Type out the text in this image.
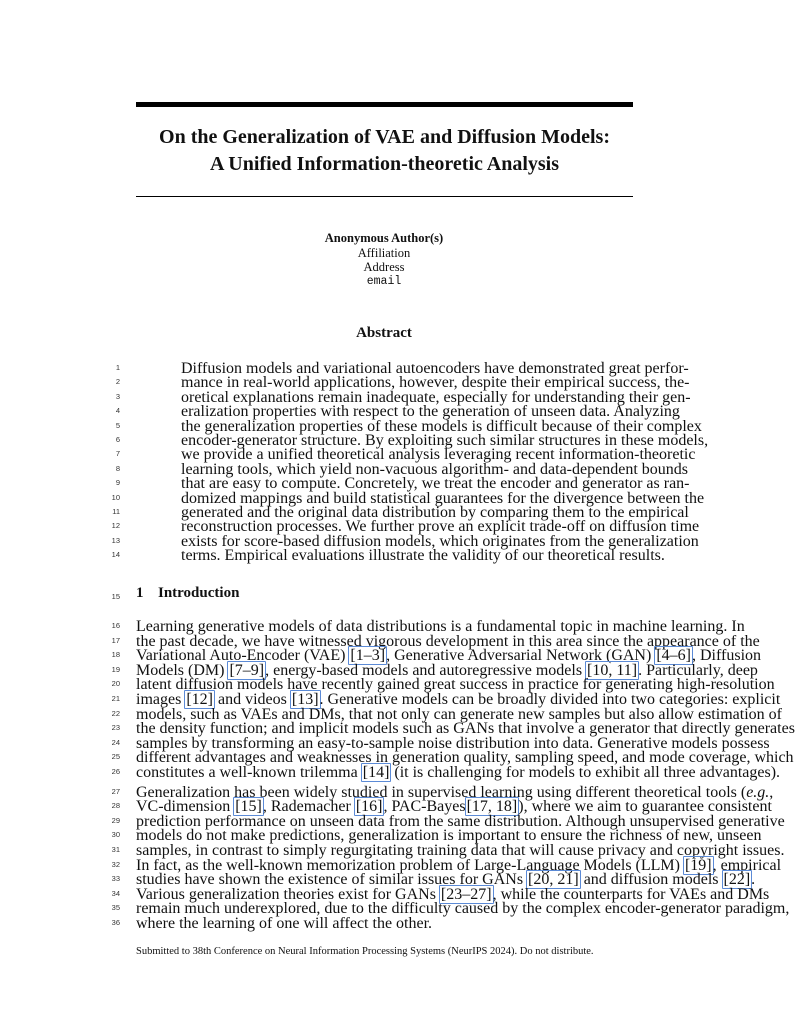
On the Generalization of VAE and Diffusion Models:
A Unified Information-theoretic Analysis
Anonymous Author(s)
Affiliation
Address
email
Abstract
15 1 Introduction
Submitted to 38th Conference on Neural Information Processing Systems (NeurIPS 2024). Do not distribute.
1	Diffusion models and variational autoencoders have demonstrated great perfor-
2	mance in real-world applications, however, despite their empirical success, the-
3	oretical explanations remain inadequate, especially for understanding their gen-
4	eralization properties with respect to the generation of unseen data. Analyzing
5	the generalization properties of these models is difficult because of their complex
6	encoder-generator structure. By exploiting such similar structures in these models,
7	we provide a unified theoretical analysis leveraging recent information-theoretic
8	learning tools, which yield non-vacuous algorithm- and data-dependent bounds
9	that are easy to compute. Concretely, we treat the encoder and generator as ran-
10	domized mappings and build statistical guarantees for the divergence between the
11	generated and the original data distribution by comparing them to the empirical
12	reconstruction processes. We further prove an explicit trade-off on diffusion time
13	exists for score-based diffusion models, which originates from the generalization
14	terms. Empirical evaluations illustrate the validity of our theoretical results.
16 Learning generative models of data distributions is a fundamental topic in machine learning. In
17 the past decade, we have witnessed vigorous development in this area since the appearance of the
18 Variational Auto-Encoder (VAE) [1–3], Generative Adversarial Network (GAN) [4–6], Diffusion
19 Models (DM) [7–9], energy-based models and autoregressive models [10, 11]. Particularly, deep
20 latent diffusion models have recently gained great success in practice for generating high-resolution
21 images [12] and videos [13]. Generative models can be broadly divided into two categories: explicit
22 models, such as VAEs and DMs, that not only can generate new samples but also allow estimation of
23 the density function; and implicit models such as GANs that involve a generator that directly generates
24 samples by transforming an easy-to-sample noise distribution into data. Generative models possess
25 different advantages and weaknesses in generation quality, sampling speed, and mode coverage, which
26 constitutes a well-known trilemma [14] (it is challenging for models to exhibit all three advantages).
27 Generalization has been widely studied in supervised learning using different theoretical tools (e.g.,
28 VC-dimension [15], Rademacher [16], PAC-Bayes[17, 18]), where we aim to guarantee consistent
29 prediction performance on unseen data from the same distribution. Although unsupervised generative
30 models do not make predictions, generalization is important to ensure the richness of new, unseen
31 samples, in contrast to simply regurgitating training data that will cause privacy and copyright issues.
32 In fact, as the well-known memorization problem of Large-Language Models (LLM) [19], empirical
33 studies have shown the existence of similar issues for GANs [20, 21] and diffusion models [22].
34 Various generalization theories exist for GANs [23–27], while the counterparts for VAEs and DMs
35 remain much underexplored, due to the difficulty caused by the complex encoder-generator paradigm,
36 where the learning of one will affect the other.
